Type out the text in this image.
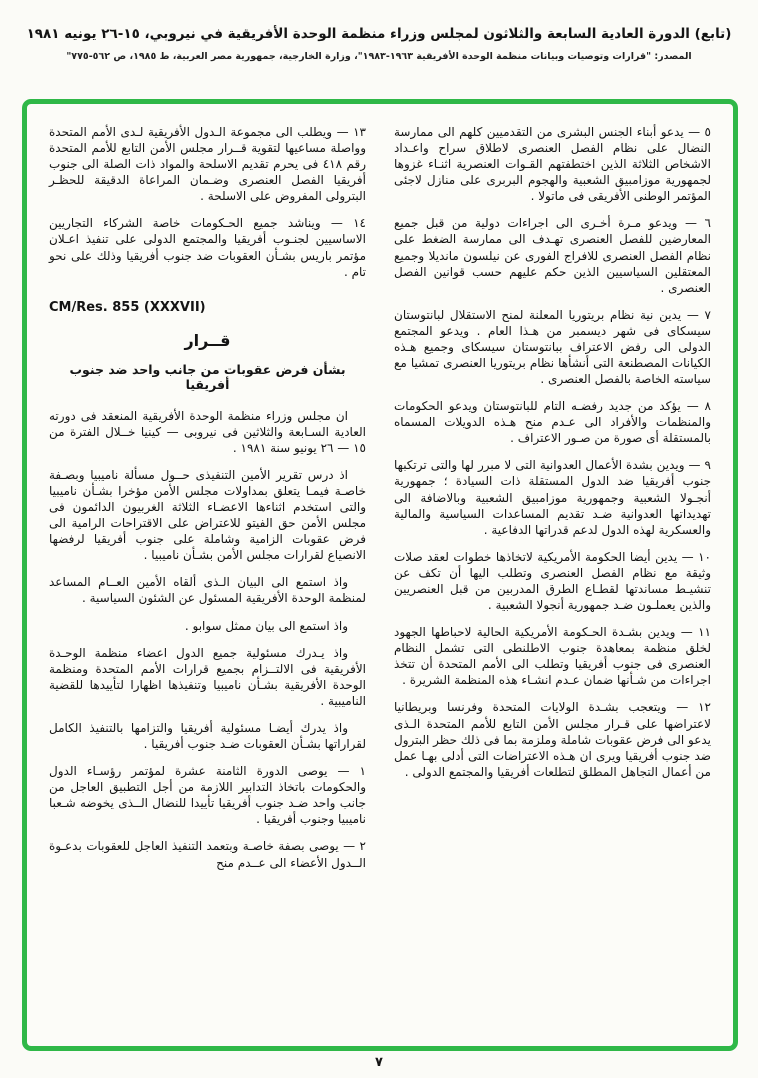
(تابع) الدورة العادية السابعة والثلاثون لمجلس وزراء منظمة الوحدة الأفريقية في نيروبي، ١٥-٢٦ يونيه ١٩٨١
المصدر: "قرارات وتوصيات وبيانات منظمة الوحدة الأفريقية ١٩٦٣-١٩٨٣"، وزارة الخارجية، جمهورية مصر العربية، ط ١٩٨٥، ص ٥٦٢-٧٧٥"

٥ — يدعو أبناء الجنس البشرى من التقدميين كلهم الى ممارسة النضال على نظام الفصل العنصرى لاطلاق سراح واعـداد الاشخاص الثلاثة الذين اختطفتهم القـوات العنصرية اثنـاء غزوها لجمهورية موزامبيق الشعبية والهجوم البربرى على منازل لاجئى المؤتمر الوطنى الأفريقى فى ماتولا .

٦ — ويدعو مـرة أخـرى الى اجراءات دولية من قبل جميع المعارضين للفصل العنصرى تهـدف الى ممارسة الضغط على نظام الفصل العنصرى للافراج الفورى عن نيلسون مانديلا وجميع المعتقلين السياسيين الذين حكم عليهم حسب قوانين الفصل العنصرى .

٧ — يدين نية نظام بريتوريا المعلنة لمنح الاستقلال لبانتوستان سيسكاى فى شهر ديسمبر من هـذا العام . ويدعو المجتمع الدولى الى رفض الاعتراف ببانتوستان سيسكاى وجميع هـذه الكيانات المصطنعة التى أنشأها نظام بريتوريا العنصرى تمشيا مع سياسته الخاصة بالفصل العنصرى .

٨ — يؤكد من جديد رفضـه التام للبانتوستان ويدعو الحكومات والمنظمات والأفراد الى عـدم منح هـذه الدويلات المسماه بالمستقلة أى صورة من صـور الاعتراف .

٩ — ويدين بشدة الأعمال العدوانية التى لا مبرر لها والتى ترتكبها جنوب أفريقيا ضد الدول المستقلة ذات السيادة ؛ جمهورية أنجـولا الشعبية وجمهورية موزامبيق الشعبية وبالاضافة الى تهديداتها العدوانية ضـد تقديم المساعدات السياسية والمالية والعسكرية لهذه الدول لدعم قدراتها الدفاعية .

١٠ — يدين أيضا الحكومة الأمريكية لاتخاذها خطوات لعقد صلات وثيقة مع نظام الفصل العنصرى وتطلب اليها أن تكف عن تنشيـط مساندتها لقطـاع الطرق المدربين من قبل العنصريين والذين يعملـون ضـد جمهورية أنجولا الشعبية .

١١ — ويدين بشـدة الحـكومة الأمريكية الحالية لاحباطها الجهود لخلق منظمة بمعاهدة جنوب الاطلنطى التى تشمل النظام العنصرى فى جنوب أفريقيا وتطلب الى الأمم المتحدة أن تتخذ اجراءات من شـأنها ضمان عـدم انشـاء هذه المنظمة الشريرة .

١٢ — ويتعجب بشـدة الولايات المتحدة وفرنسا وبريطانيا لاعتراضها على قـرار مجلس الأمن التابع للأمم المتحدة الـذى يدعو الى فرض عقوبات شاملة وملزمة بما فى ذلك حظر البترول ضد جنوب أفريقيا ويرى ان هـذه الاعتراضات التى أدلى بهـا عمل من أعمال التجاهل المطلق لتطلعات أفريقيا والمجتمع الدولى .

١٣ — ويطلب الى مجموعة الـدول الأفريقية لـدى الأمم المتحدة وواصلة مساعيها لتقوية قــرار مجلس الأمن التابع للأمم المتحدة رقم ٤١٨ فى يحرم تقديم الاسلحة والمواد ذات الصلة الى جنوب أفريقيا الفصل العنصرى وضـمان المراعاة الدقيقة للحظـر البترولى المفروض على الاسلحة .

١٤ — ويناشد جميع الحـكومات خاصة الشركاء التجاريين الاساسيين لجنـوب أفريقيا والمجتمع الدولى على تنفيذ اعـلان مؤتمر باريس بشـأن العقوبات ضد جنوب أفريقيا وذلك على نحو تام .

CM/Res. 855 (XXXVII)
قــرار
بشأن فرض عقوبات من جانب واحد ضد جنوب أفريقيا

ان مجلس وزراء منظمة الوحدة الأفريقية المنعقد فى دورته العادية السـابعة والثلاثين فى نيروبى — كينيا خــلال الفترة من ١٥ — ٢٦ يونيو سنة ١٩٨١ .

اذ درس تقرير الأمين التنفيذى حــول مسألة ناميبيا وبصـفة خاصـة فيمـا يتعلق بمداولات مجلس الأمن مؤخرا بشـأن ناميبيا والتى استخدم اثناءها الاعضـاء الثلاثة الغربيون الدائمون فى مجلس الأمن حق الفيتو للاعتراض على الاقتراحات الرامية الى فرض عقوبات الزامية وشاملة على جنوب أفريقيا لرفضها الانصياع لقرارات مجلس الأمن بشـأن ناميبيا .

واذ استمع الى البيان الـذى ألقاه الأمين العــام المساعد لمنظمة الوحدة الأفريقية المسئول عن الشئون السياسية .

واذ استمع الى بيان ممثل سوابو .

واذ يـدرك مسئولية جميع الدول اعضاء منظمة الوحـدة الأفريقية فى الالتــزام بجميع قرارات الأمم المتحدة ومنظمة الوحدة الأفريقية بشـأن ناميبيا وتنفيذها اظهارا لتأييدها للقضية الناميبية .

واذ يدرك أيضـا مسئولية أفريقيا والتزامها بالتنفيذ الكامل لقراراتها بشـأن العقوبات ضـد جنوب أفريقيا .

١ — يوصى الدورة الثامنة عشرة لمؤتمر رؤسـاء الدول والحكومات باتخاذ التدابير اللازمة من أجل التطبيق العاجل من جانب واحد ضـد جنوب أفريقيا تأييدا للنضال الــذى يخوضه شـعبا ناميبيا وجنوب أفريقيا .

٢ — يوصى بصفة خاصـة وبتعمد التنفيذ العاجل للعقوبات بدعـوة الــدول الأعضاء الى عــدم منح

٧
